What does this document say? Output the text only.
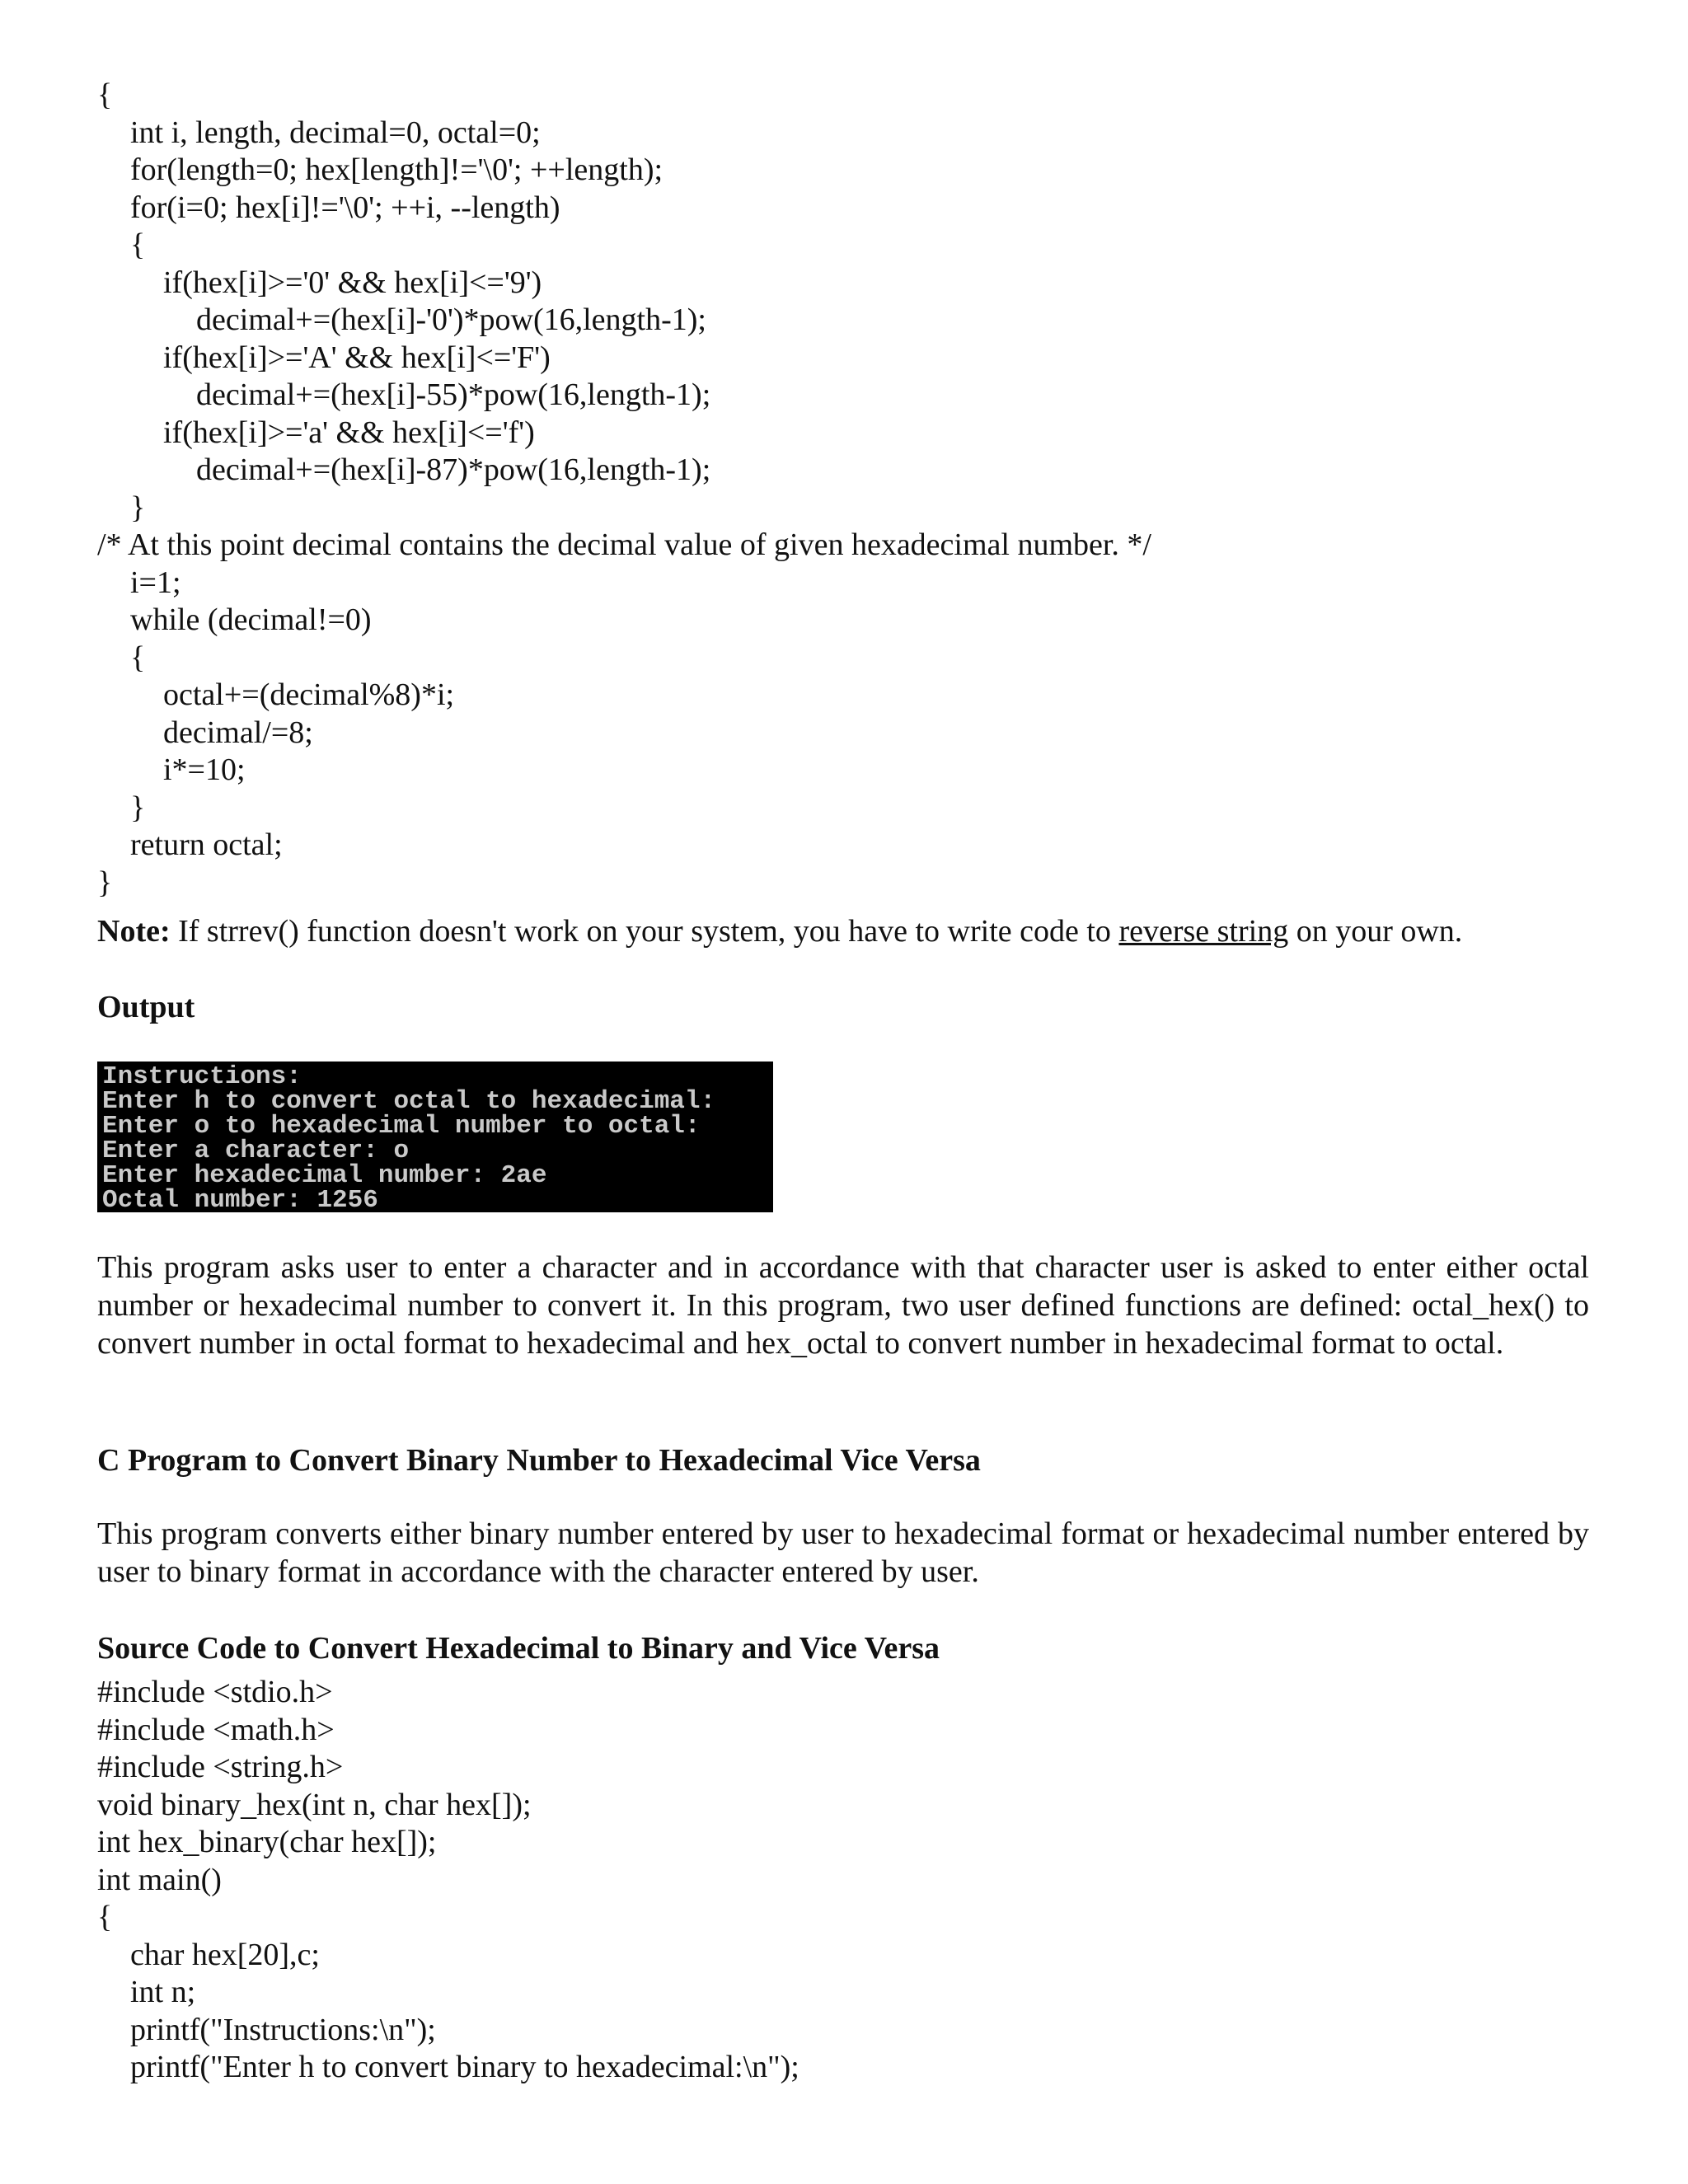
{
int i, length, decimal=0, octal=0;
for(length=0; hex[length]!='\0'; ++length);
for(i=0; hex[i]!='\0'; ++i, --length)
{
if(hex[i]>='0' && hex[i]<='9')
decimal+=(hex[i]-'0')*pow(16,length-1);
if(hex[i]>='A' && hex[i]<='F')
decimal+=(hex[i]-55)*pow(16,length-1);
if(hex[i]>='a' && hex[i]<='f')
decimal+=(hex[i]-87)*pow(16,length-1);
}
/* At this point decimal contains the decimal value of given hexadecimal number. */
i=1;
while (decimal!=0)
{
octal+=(decimal%8)*i;
decimal/=8;
i*=10;
}
return octal;
}
Note: If strrev() function doesn't work on your system, you have to write code to reverse string on your own.
Output
Instructions:
Enter h to convert octal to hexadecimal:
Enter o to hexadecimal number to octal:
Enter a character: o
Enter hexadecimal number: 2ae
Octal number: 1256
This program asks user to enter a character and in accordance with that character user is asked to enter either octal number or hexadecimal number to convert it. In this program, two user defined functions are defined: octal_hex() to convert number in octal format to hexadecimal and hex_octal to convert number in hexadecimal format to octal.
C Program to Convert Binary Number to Hexadecimal Vice Versa
This program converts either binary number entered by user to hexadecimal format or hexadecimal number entered by user to binary format in accordance with the character entered by user.
Source Code to Convert Hexadecimal to Binary and Vice Versa
#include <stdio.h>
#include <math.h>
#include <string.h>
void binary_hex(int n, char hex[]);
int hex_binary(char hex[]);
int main()
{
char hex[20],c;
int n;
printf("Instructions:\n");
printf("Enter h to convert binary to hexadecimal:\n");
